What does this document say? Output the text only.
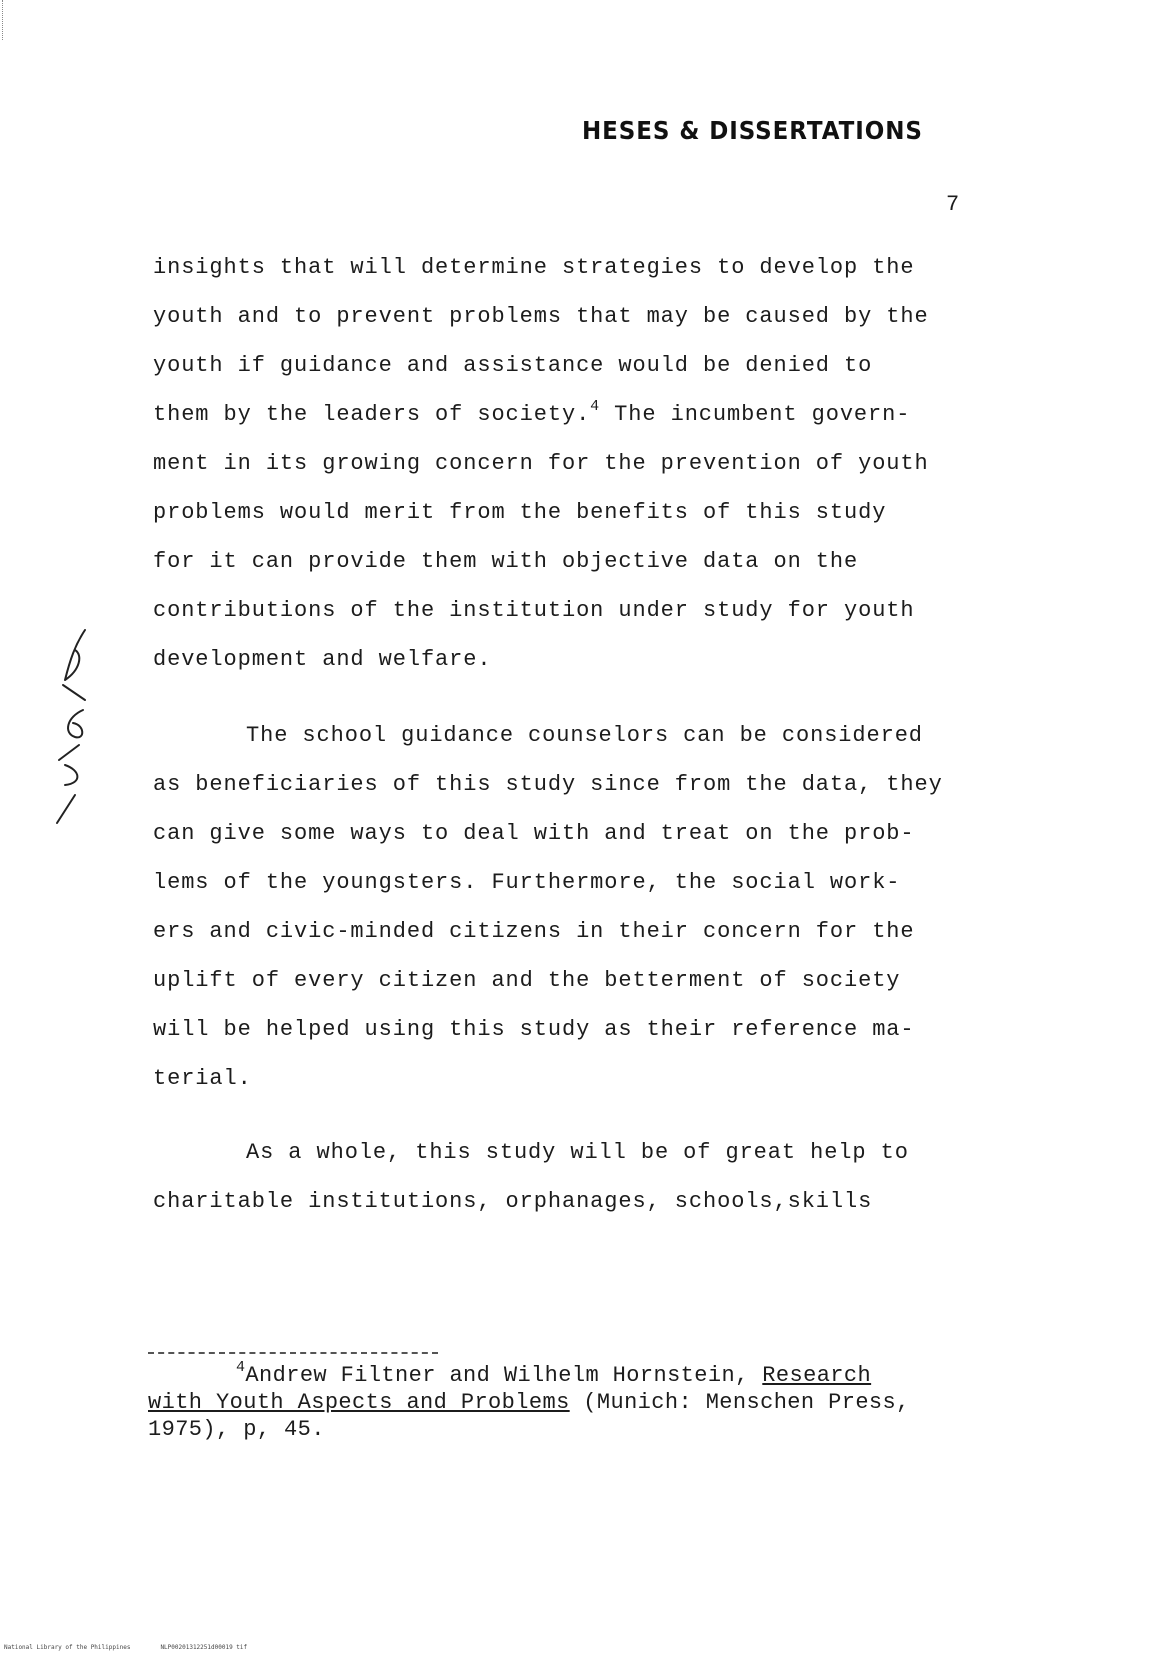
HESES & DISSERTATIONS
7
insights that will determine strategies to develop the
youth and to prevent problems that may be caused by the
youth if guidance and assistance would be denied to
them by the leaders of society.$^4$ The incumbent govern-
ment in its growing concern for the prevention of youth
problems would merit from the benefits of this study
for it can provide them with objective data on the
contributions of the institution under study for youth
development and welfare.
The school guidance counselors can be considered
as beneficiaries of this study since from the data, they
can give some ways to deal with and treat on the prob-
lems of the youngsters. Furthermore, the social work-
ers and civic-minded citizens in their concern for the
uplift of every citizen and the betterment of society
will be helped using this study as their reference ma-
terial.
As a whole, this study will be of great help to
charitable institutions, orphanages, schools,skills
$^4$Andrew Filtner and Wilhelm Hornstein, Research
with Youth Aspects and Problems (Munich: Menschen Press,
1975), p, 45.
National Library of the Philippines	NLP00201312251d00019 tif
